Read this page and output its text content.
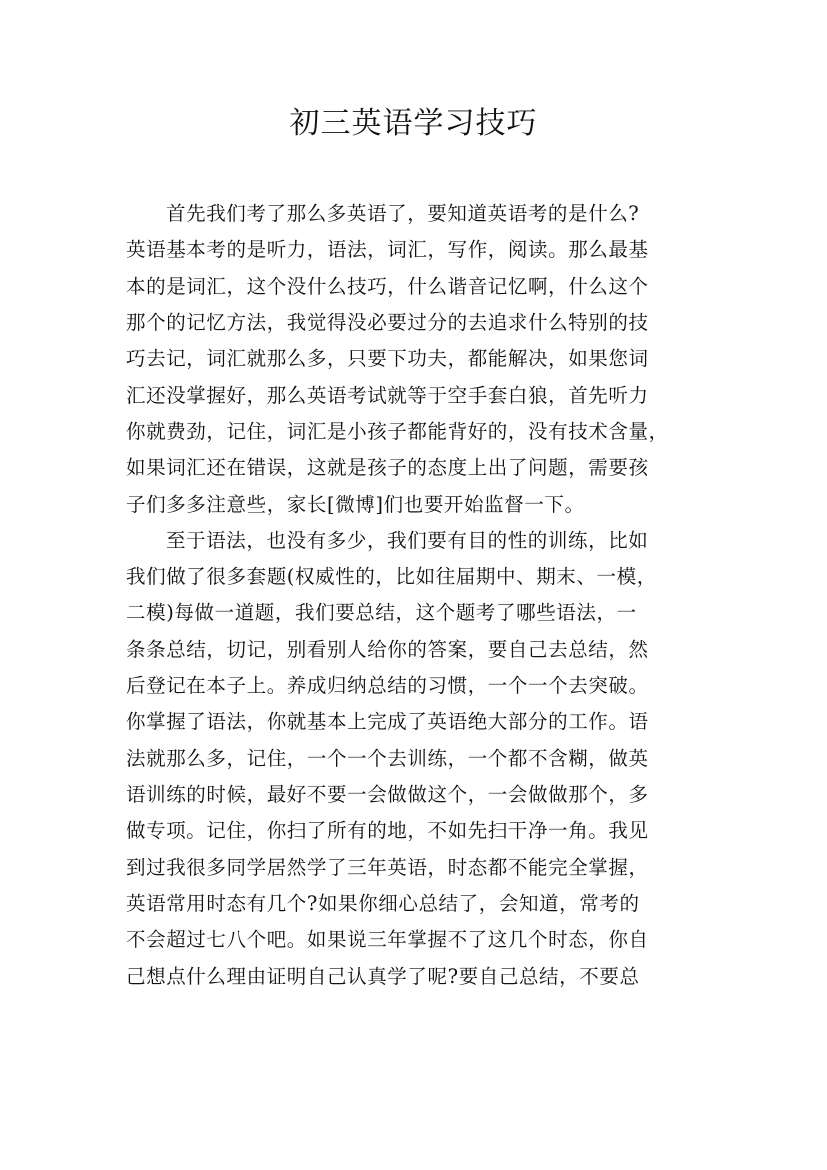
初三英语学习技巧
首先我们考了那么多英语了，要知道英语考的是什么?
英语基本考的是听力，语法，词汇，写作，阅读。那么最基
本的是词汇，这个没什么技巧，什么谐音记忆啊，什么这个
那个的记忆方法，我觉得没必要过分的去追求什么特别的技
巧去记，词汇就那么多，只要下功夫，都能解决，如果您词
汇还没掌握好，那么英语考试就等于空手套白狼，首先听力
你就费劲，记住，词汇是小孩子都能背好的，没有技术含量，
如果词汇还在错误，这就是孩子的态度上出了问题，需要孩
子们多多注意些，家长[微博]们也要开始监督一下。
至于语法，也没有多少，我们要有目的性的训练，比如
我们做了很多套题(权威性的，比如往届期中、期末、一模，
二模)每做一道题，我们要总结，这个题考了哪些语法，一
条条总结，切记，别看别人给你的答案，要自己去总结，然
后登记在本子上。养成归纳总结的习惯，一个一个去突破。
你掌握了语法，你就基本上完成了英语绝大部分的工作。语
法就那么多，记住，一个一个去训练，一个都不含糊，做英
语训练的时候，最好不要一会做做这个，一会做做那个，多
做专项。记住，你扫了所有的地，不如先扫干净一角。我见
到过我很多同学居然学了三年英语，时态都不能完全掌握，
英语常用时态有几个?如果你细心总结了，会知道，常考的
不会超过七八个吧。如果说三年掌握不了这几个时态，你自
己想点什么理由证明自己认真学了呢?要自己总结，不要总
